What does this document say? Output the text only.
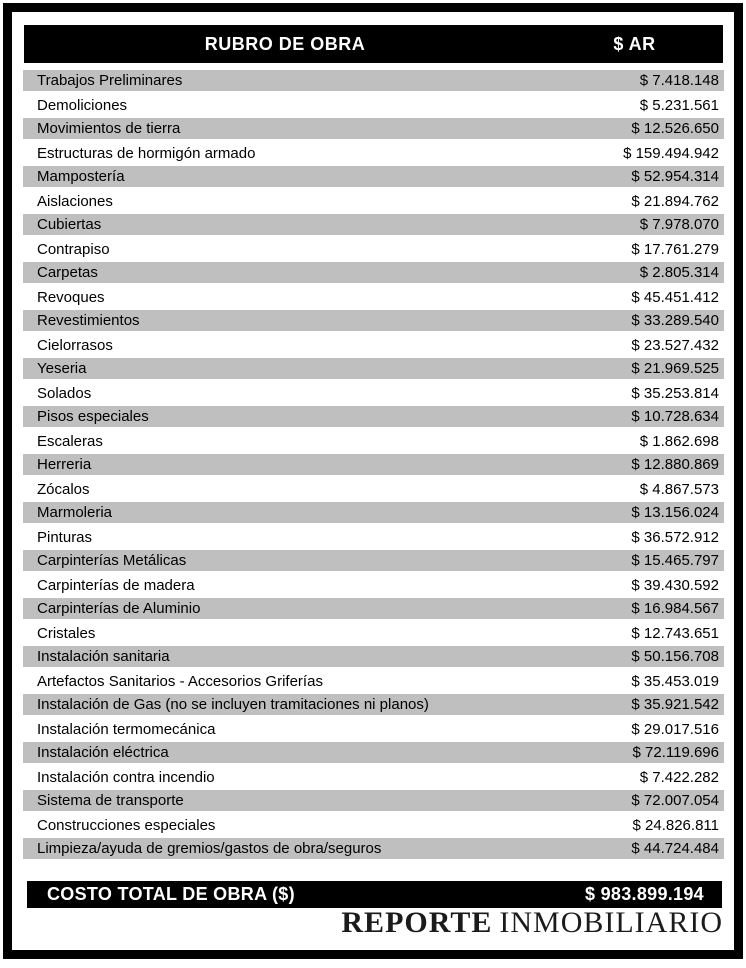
RUBRO DE OBRA	$ AR
Trabajos Preliminares	$ 7.418.148
Demoliciones	$ 5.231.561
Movimientos de tierra	$ 12.526.650
Estructuras de hormigón armado	$ 159.494.942
Mampostería	$ 52.954.314
Aislaciones	$ 21.894.762
Cubiertas	$ 7.978.070
Contrapiso	$ 17.761.279
Carpetas	$ 2.805.314
Revoques	$ 45.451.412
Revestimientos	$ 33.289.540
Cielorrasos	$ 23.527.432
Yeseria	$ 21.969.525
Solados	$ 35.253.814
Pisos especiales	$ 10.728.634
Escaleras	$ 1.862.698
Herreria	$ 12.880.869
Zócalos	$ 4.867.573
Marmoleria	$ 13.156.024
Pinturas	$ 36.572.912
Carpinterías Metálicas	$ 15.465.797
Carpinterías de madera	$ 39.430.592
Carpinterías de Aluminio	$ 16.984.567
Cristales	$ 12.743.651
Instalación sanitaria	$ 50.156.708
Artefactos Sanitarios - Accesorios Griferías	$ 35.453.019
Instalación de Gas (no se incluyen tramitaciones ni planos)	$ 35.921.542
Instalación termomecánica	$ 29.017.516
Instalación eléctrica	$ 72.119.696
Instalación contra incendio	$ 7.422.282
Sistema de transporte	$ 72.007.054
Construcciones especiales	$ 24.826.811
Limpieza/ayuda de gremios/gastos de obra/seguros	$ 44.724.484
COSTO TOTAL DE OBRA ($)	$ 983.899.194
REPORTE INMOBILIARIO
